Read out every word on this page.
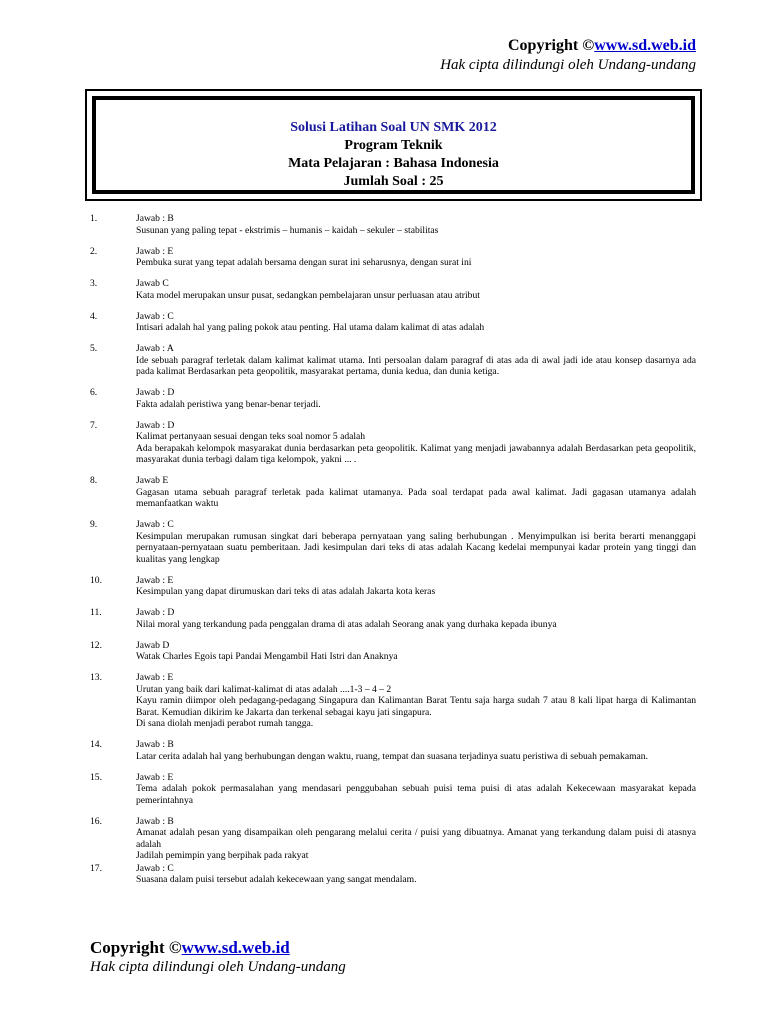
Copyright ©www.sd.web.id
Hak cipta dilindungi oleh Undang-undang
Solusi Latihan Soal UN SMK 2012
Program Teknik
Mata Pelajaran : Bahasa Indonesia
Jumlah Soal : 25
1.	Jawab : B
Susunan yang paling tepat - ekstrimis – humanis – kaidah – sekuler – stabilitas
2.	Jawab : E
Pembuka surat yang tepat adalah bersama dengan surat ini seharusnya, dengan surat ini
3.	Jawab C
Kata model merupakan unsur pusat, sedangkan pembelajaran unsur perluasan atau atribut
4.	Jawab : C
Intisari adalah hal yang paling pokok atau penting. Hal utama dalam kalimat di atas adalah
5.	Jawab : A
Ide sebuah paragraf terletak dalam kalimat kalimat utama. Inti persoalan dalam paragraf di atas ada di awal jadi ide atau konsep dasarnya ada pada kalimat Berdasarkan peta geopolitik, masyarakat pertama, dunia kedua, dan dunia ketiga.
6.	Jawab : D
Fakta adalah peristiwa yang benar-benar terjadi.
7.	Jawab : D
Kalimat pertanyaan sesuai dengan teks soal nomor 5 adalah
Ada berapakah kelompok masyarakat dunia berdasarkan peta geopolitik. Kalimat yang menjadi jawabannya adalah Berdasarkan peta geopolitik, masyarakat dunia terbagi dalam tiga kelompok, yakni ... .
8.	Jawab E
Gagasan utama sebuah paragraf terletak pada kalimat utamanya. Pada soal terdapat pada awal kalimat. Jadi gagasan utamanya adalah memanfaatkan waktu
9.	Jawab : C
Kesimpulan merupakan rumusan singkat dari beberapa pernyataan yang saling berhubungan . Menyimpulkan isi berita berarti menanggapi pernyataan-pernyataan suatu pemberitaan. Jadi kesimpulan dari teks di atas adalah Kacang kedelai mempunyai kadar protein yang tinggi dan kualitas yang lengkap
10.	Jawab : E
Kesimpulan yang dapat dirumuskan dari teks di atas adalah Jakarta kota keras
11.	Jawab : D
Nilai moral yang terkandung pada penggalan drama di atas adalah Seorang anak yang durhaka kepada ibunya
12.	Jawab D
Watak Charles Egois tapi Pandai Mengambil Hati Istri dan Anaknya
13.	Jawab : E
Urutan yang baik dari kalimat-kalimat di atas adalah ....1-3 – 4 – 2
Kayu ramin diimpor oleh pedagang-pedagang Singapura dan Kalimantan Barat Tentu saja harga sudah 7 atau 8 kali lipat harga di Kalimantan Barat. Kemudian dikirim ke Jakarta dan terkenal sebagai kayu jati singapura.
Di sana diolah menjadi perabot rumah tangga.
14.	Jawab : B
Latar cerita adalah hal yang berhubungan dengan waktu, ruang, tempat dan suasana terjadinya suatu peristiwa di sebuah pemakaman.
15.	Jawab : E
Tema adalah pokok permasalahan yang mendasari penggubahan sebuah puisi tema puisi di atas adalah Kekecewaan masyarakat kepada pemerintahnya
16.	Jawab : B
Amanat adalah pesan yang disampaikan oleh pengarang melalui cerita / puisi yang dibuatnya. Amanat yang terkandung dalam puisi di atasnya adalah
Jadilah pemimpin yang berpihak pada rakyat
17.	Jawab : C
Suasana dalam puisi tersebut adalah kekecewaan yang sangat mendalam.
Copyright ©www.sd.web.id
Hak cipta dilindungi oleh Undang-undang
